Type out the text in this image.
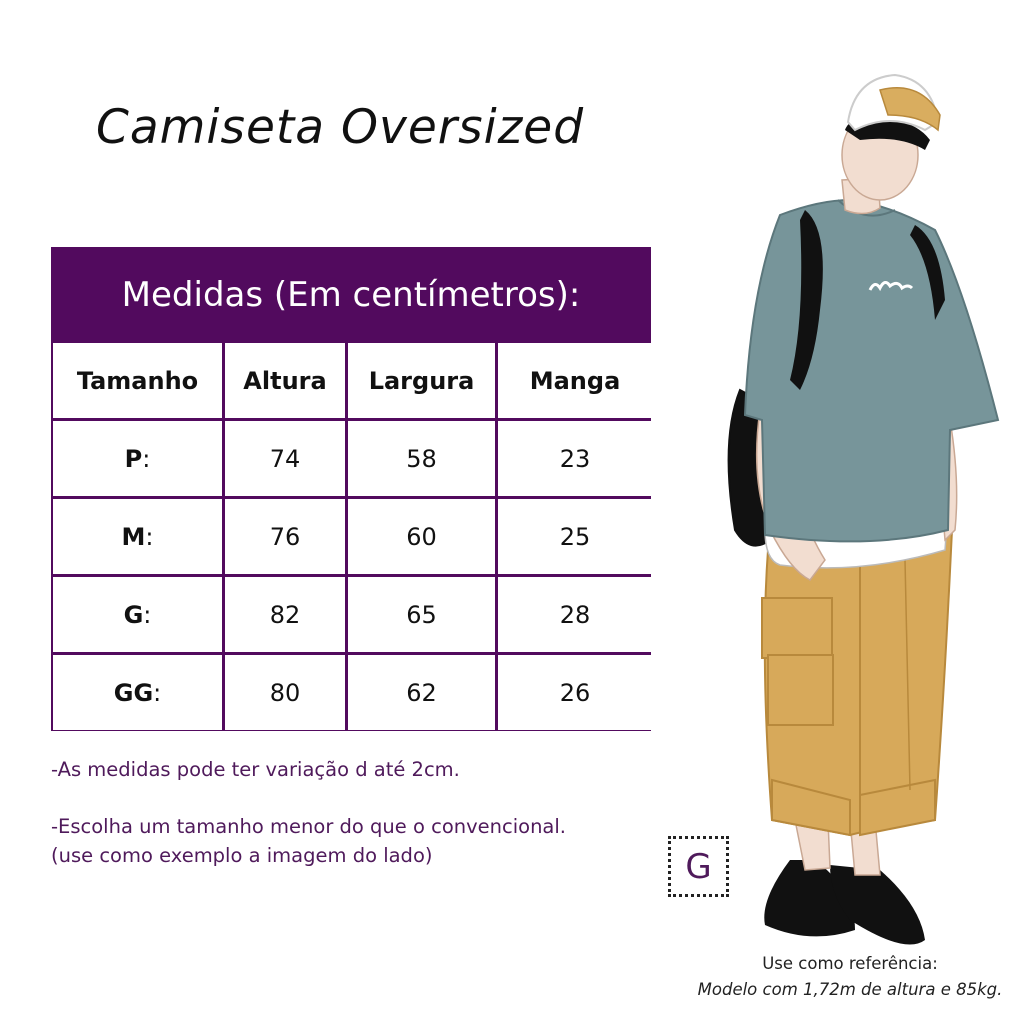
Camiseta Oversized
Medidas (Em centímetros):
Tamanho	Altura	Largura	Manga
P :	74	58	23
M :	76	60	25
G :	82	65	28
GG :	80	62	26

-As medidas pode ter variação d até 2cm.

-Escolha um tamanho menor do que o convencional.

(use como exemplo a imagem do lado)	G

Use como referência:

Modelo com 1,72m de altura e 85kg.
